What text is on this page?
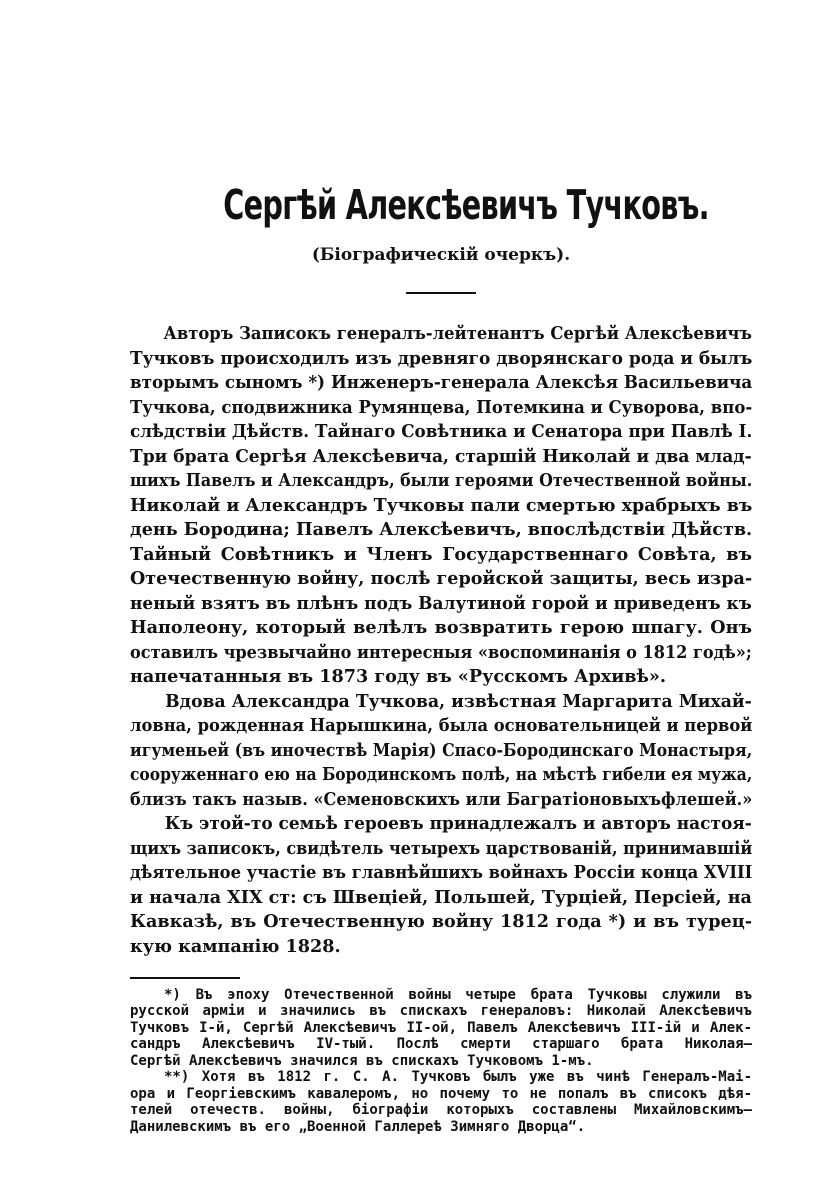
Сергѣй Алексѣевичъ Тучковъ.
(Біографическій очеркъ).
Авторъ Записокъ генералъ-лейтенантъ Сергѣй Алексѣевичъ
Тучковъ происходилъ изъ древняго дворянскаго рода и былъ
вторымъ сыномъ *) Инженеръ-генерала Алексѣя Васильевича
Тучкова, сподвижника Румянцева, Потемкина и Суворова, впо-
слѣдствіи Дѣйств. Тайнаго Совѣтника и Сенатора при Павлѣ I.
Три брата Сергѣя Алексѣевича, старшій Николай и два млад-
шихъ Павелъ и Александръ, были героями Отечественной войны.
Николай и Александръ Тучковы пали смертью храбрыхъ въ
день Бородина; Павелъ Алексѣевичъ, впослѣдствіи Дѣйств.
Тайный Совѣтникъ и Членъ Государственнаго Совѣта, въ
Отечественную войну, послѣ геройской защиты, весь изра-
неный взятъ въ плѣнъ подъ Валутиной горой и приведенъ къ
Наполеону, который велѣлъ возвратить герою шпагу. Онъ
оставилъ чрезвычайно интересныя «воспоминанія о 1812 годѣ»;
напечатанныя въ 1873 году въ «Русскомъ Архивѣ».
Вдова Александра Тучкова, извѣстная Маргарита Михай-
ловна, рожденная Нарышкина, была основательницей и первой
игуменьей (въ иночествѣ Марія) Спасо-Бородинскаго Монастыря,
сооруженнаго ею на Бородинскомъ полѣ, на мѣстѣ гибели ея мужа,
близъ такъ назыв. «Семеновскихъ или Багратіоновыхъфлешей.»
Къ этой-то семьѣ героевъ принадлежалъ и авторъ настоя-
щихъ записокъ, свидѣтель четырехъ царствованій, принимавшій
дѣятельное участіе въ главнѣйшихъ войнахъ Россіи конца XVIII
и начала XIX ст: съ Швеціей, Польшей, Турціей, Персіей, на
Кавказѣ, въ Отечественную войну 1812 года *) и въ турец-
кую кампанію 1828.
*) Въ эпоху Отечественной войны четыре брата Тучковы служили въ
русской арміи и значились въ спискахъ генераловъ: Николай Алексѣевичъ
Тучковъ І-й, Сергѣй Алексѣевичъ ІІ-ой, Павелъ Алексѣевичъ ІІІ-ій и Алек-
сандръ Алексѣевичъ ІV-тый. Послѣ смерти старшаго брата Николая—
Сергѣй Алексѣевичъ значился въ спискахъ Тучковомъ 1-мъ.
**) Хотя въ 1812 г. С. А. Тучковъ былъ уже въ чинѣ Генералъ-Маі-
ора и Георгіевскимъ кавалеромъ, но почему то не попалъ въ списокъ дѣя-
телей отечеств. войны, біографіи которыхъ составлены Михайловскимъ—
Данилевскимъ въ его „Военной Галлереѣ Зимняго Дворца“.
